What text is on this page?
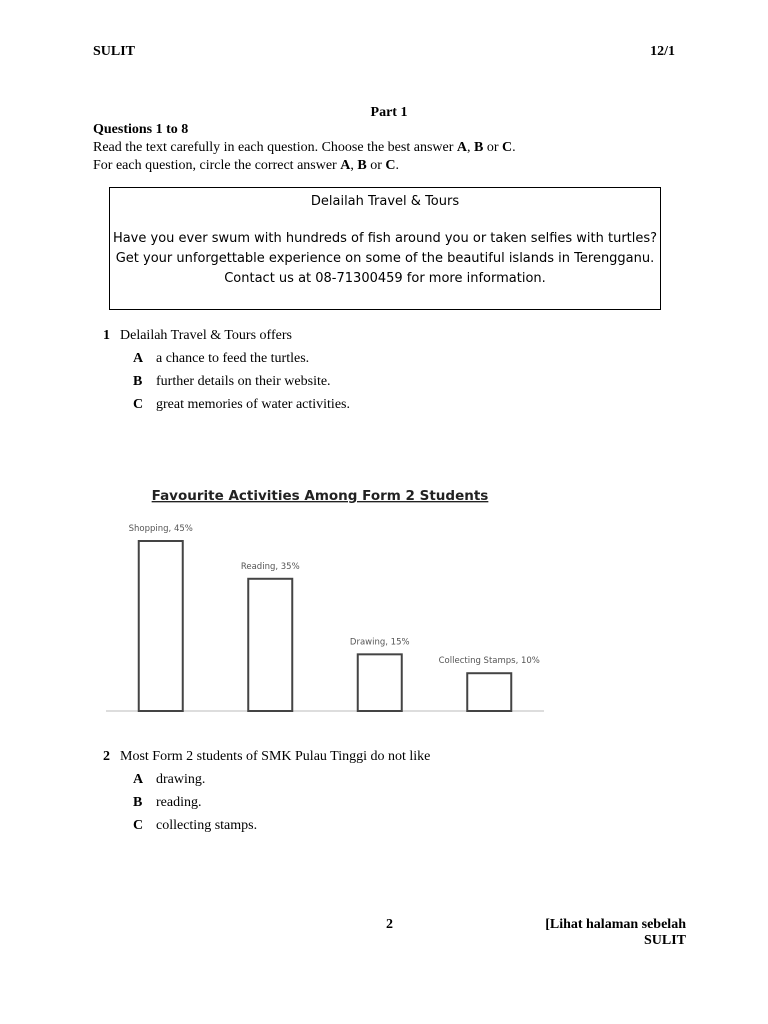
SULIT	12/1
Part 1
Questions 1 to 8
Read the text carefully in each question. Choose the best answer A, B or C.
For each question, circle the correct answer A, B or C.
Delailah Travel & Tours
Have you ever swum with hundreds of fish around you or taken selfies with turtles?
Get your unforgettable experience on some of the beautiful islands in Terengganu.
Contact us at 08-71300459 for more information.
1 Delailah Travel & Tours offers
A a chance to feed the turtles.
B further details on their website.
C great memories of water activities.
Favourite Activities Among Form 2 Students
Shopping, 45%
Reading, 35%
Drawing, 15%
Collecting Stamps, 10%
2 Most Form 2 students of SMK Pulau Tinggi do not like
A drawing.
B reading.
C collecting stamps.
2	[Lihat halaman sebelah
SULIT
